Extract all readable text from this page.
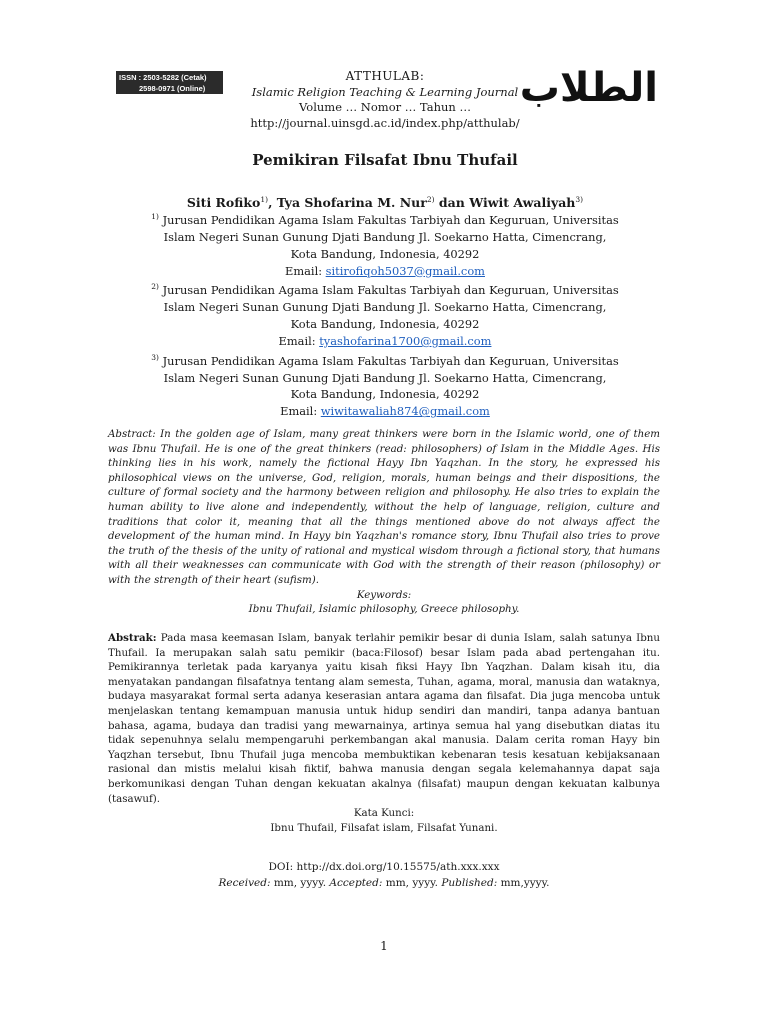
ISSN : 2503-5282 (Cetak)
2598-0971 (Online)	الطلاب
ATTHULAB:
Islamic Religion Teaching & Learning Journal
Volume … Nomor … Tahun …
http://journal.uinsgd.ac.id/index.php/atthulab/
Pemikiran Filsafat Ibnu Thufail
Siti Rofiko$^{1)}$, Tya Shofarina M. Nur$^{2)}$ dan Wiwit Awaliyah$^{3)}$

$^{1)}$ Jurusan Pendidikan Agama Islam Fakultas Tarbiyah dan Keguruan, Universitas

Islam Negeri Sunan Gunung Djati Bandung Jl. Soekarno Hatta, Cimencrang,

Kota Bandung, Indonesia, 40292

Email: sitirofiqoh5037@gmail.com

$^{2)}$ Jurusan Pendidikan Agama Islam Fakultas Tarbiyah dan Keguruan, Universitas

Islam Negeri Sunan Gunung Djati Bandung Jl. Soekarno Hatta, Cimencrang,

Kota Bandung, Indonesia, 40292

Email: tyashofarina1700@gmail.com

$^{3)}$ Jurusan Pendidikan Agama Islam Fakultas Tarbiyah dan Keguruan, Universitas

Islam Negeri Sunan Gunung Djati Bandung Jl. Soekarno Hatta, Cimencrang,

Kota Bandung, Indonesia, 40292

Email: wiwitawaliah874@gmail.com

Abstract: In the golden age of Islam, many great thinkers were born in the Islamic world, one of them was Ibnu Thufail. He is one of the great thinkers (read: philosophers) of Islam in the Middle Ages. His thinking lies in his work, namely the fictional Hayy Ibn Yaqzhan. In the story, he expressed his philosophical views on the universe, God, religion, morals, human beings and their dispositions, the culture of formal society and the harmony between religion and philosophy. He also tries to explain the human ability to live alone and independently, without the help of language, religion, culture and traditions that color it, meaning that all the things mentioned above do not always affect the development of the human mind. In Hayy bin Yaqzhan's romance story, Ibnu Thufail also tries to prove the truth of the thesis of the unity of rational and mystical wisdom through a fictional story, that humans with all their weaknesses can communicate with God with the strength of their reason (philosophy) or with the strength of their heart (sufism).

Keywords:

Ibnu Thufail, Islamic philosophy, Greece philosophy.

Abstrak: Pada masa keemasan Islam, banyak terlahir pemikir besar di dunia Islam, salah satunya Ibnu Thufail. Ia merupakan salah satu pemikir (baca:Filosof) besar Islam pada abad pertengahan itu. Pemikirannya terletak pada karyanya yaitu kisah fiksi Hayy Ibn Yaqzhan. Dalam kisah itu, dia menyatakan pandangan filsafatnya tentang alam semesta, Tuhan, agama, moral, manusia dan wataknya, budaya masyarakat formal serta adanya keserasian antara agama dan filsafat. Dia juga mencoba untuk menjelaskan tentang kemampuan manusia untuk hidup sendiri dan mandiri, tanpa adanya bantuan bahasa, agama, budaya dan tradisi yang mewarnainya, artinya semua hal yang disebutkan diatas itu tidak sepenuhnya selalu mempengaruhi perkembangan akal manusia. Dalam cerita roman Hayy bin Yaqzhan tersebut, Ibnu Thufail juga mencoba membuktikan kebenaran tesis kesatuan kebijaksanaan rasional dan mistis melalui kisah fiktif, bahwa manusia dengan segala kelemahannya dapat saja berkomunikasi dengan Tuhan dengan kekuatan akalnya (filsafat) maupun dengan kekuatan kalbunya (tasawuf).

Kata Kunci:

Ibnu Thufail, Filsafat islam, Filsafat Yunani.

DOI: http://dx.doi.org/10.15575/ath.xxx.xxx

Received: mm, yyyy. Accepted: mm, yyyy. Published: mm,yyyy.

1
